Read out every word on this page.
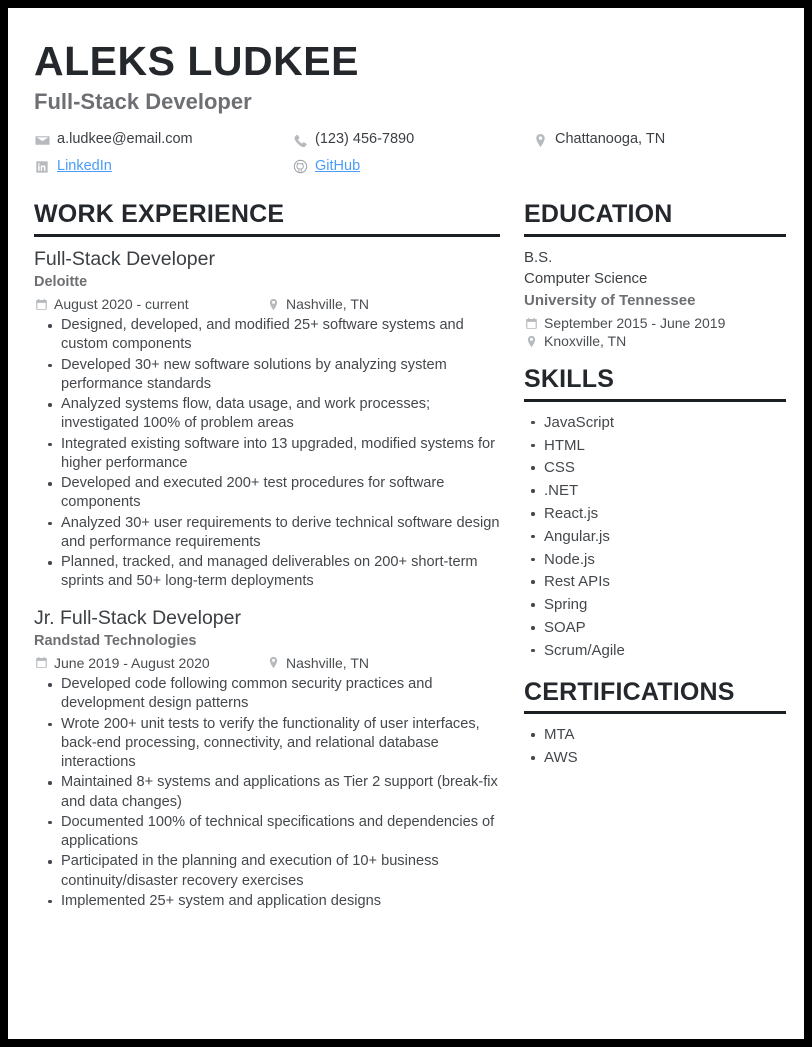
ALEKS LUDKEE
Full-Stack Developer
a.ludkee@email.com	(123) 456-7890	Chattanooga, TN
LinkedIn	GitHub
WORK EXPERIENCE
Full-Stack Developer
Deloitte
August 2020 - current	Nashville, TN
Designed, developed, and modified 25+ software systems and custom components
Developed 30+ new software solutions by analyzing system performance standards
Analyzed systems flow, data usage, and work processes; investigated 100% of problem areas
Integrated existing software into 13 upgraded, modified systems for higher performance
Developed and executed 200+ test procedures for software components
Analyzed 30+ user requirements to derive technical software design and performance requirements
Planned, tracked, and managed deliverables on 200+ short-term sprints and 50+ long-term deployments
Jr. Full-Stack Developer
Randstad Technologies
June 2019 - August 2020	Nashville, TN
Developed code following common security practices and development design patterns
Wrote 200+ unit tests to verify the functionality of user interfaces, back-end processing, connectivity, and relational database interactions
Maintained 8+ systems and applications as Tier 2 support (break-fix and data changes)
Documented 100% of technical specifications and dependencies of applications
Participated in the planning and execution of 10+ business continuity/disaster recovery exercises
Implemented 25+ system and application designs
EDUCATION
B.S.
Computer Science
University of Tennessee
September 2015 - June 2019
Knoxville, TN
SKILLS
JavaScript
HTML
CSS
.NET
React.js
Angular.js
Node.js
Rest APIs
Spring
SOAP
Scrum/Agile
CERTIFICATIONS
MTA
AWS
